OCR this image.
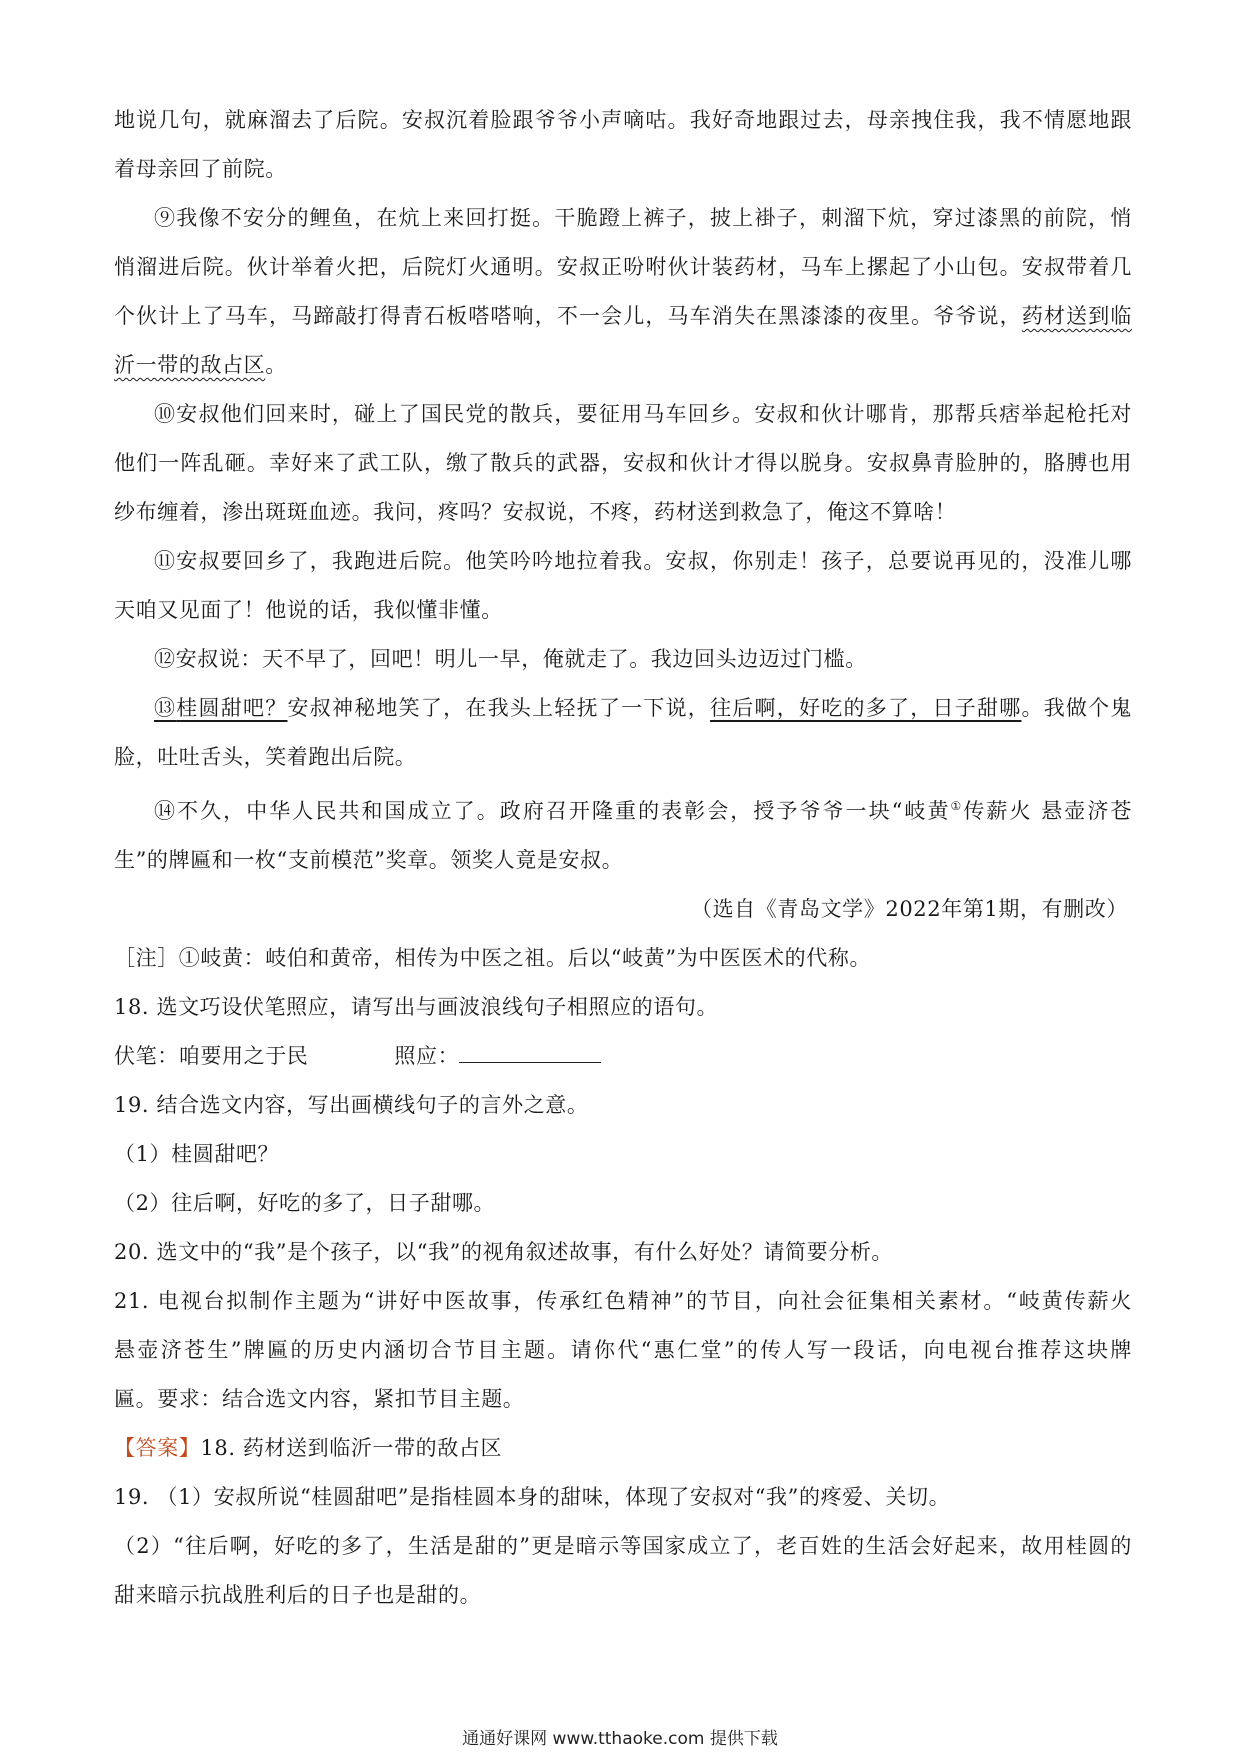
地说几句，就麻溜去了后院。安叔沉着脸跟爷爷小声嘀咕。我好奇地跟过去，母亲拽住我，我不情愿地跟
着母亲回了前院。
⑨我像不安分的鲤鱼，在炕上来回打挺。干脆蹬上裤子，披上褂子，刺溜下炕，穿过漆黑的前院，悄
悄溜进后院。伙计举着火把，后院灯火通明。安叔正吩咐伙计装药材，马车上摞起了小山包。安叔带着几
个伙计上了马车，马蹄敲打得青石板嗒嗒响，不一会儿，马车消失在黑漆漆的夜里。爷爷说，药材送到临
沂一带的敌占区。
⑩安叔他们回来时，碰上了国民党的散兵，要征用马车回乡。安叔和伙计哪肯，那帮兵痞举起枪托对
他们一阵乱砸。幸好来了武工队，缴了散兵的武器，安叔和伙计才得以脱身。安叔鼻青脸肿的，胳膊也用
纱布缠着，渗出斑斑血迹。我问，疼吗？安叔说，不疼，药材送到救急了，俺这不算啥！
⑪安叔要回乡了，我跑进后院。他笑吟吟地拉着我。安叔，你别走！孩子，总要说再见的，没准儿哪
天咱又见面了！他说的话，我似懂非懂。
⑫安叔说：天不早了，回吧！明儿一早，俺就走了。我边回头边迈过门槛。
⑬桂圆甜吧？安叔神秘地笑了，在我头上轻抚了一下说，往后啊，好吃的多了，日子甜哪。我做个鬼
脸，吐吐舌头，笑着跑出后院。
⑭不久，中华人民共和国成立了。政府召开隆重的表彰会，授予爷爷一块“岐黄①传薪火 悬壶济苍
生”的牌匾和一枚“支前模范”奖章。领奖人竟是安叔。
（选自《青岛文学》2022年第1期，有删改）
［注］①岐黄：岐伯和黄帝，相传为中医之祖。后以“岐黄”为中医医术的代称。
18. 选文巧设伏笔照应，请写出与画波浪线句子相照应的语句。
伏笔：咱要用之于民	照应：
19. 结合选文内容，写出画横线句子的言外之意。
（1）桂圆甜吧？
（2）往后啊，好吃的多了，日子甜哪。
20. 选文中的“我”是个孩子，以“我”的视角叙述故事，有什么好处？请简要分析。
21. 电视台拟制作主题为“讲好中医故事，传承红色精神”的节目，向社会征集相关素材。“岐黄传薪火
悬壶济苍生”牌匾的历史内涵切合节目主题。请你代“惠仁堂”的传人写一段话，向电视台推荐这块牌
匾。要求：结合选文内容，紧扣节目主题。
【答案】18. 药材送到临沂一带的敌占区
19. （1）安叔所说“桂圆甜吧”是指桂圆本身的甜味，体现了安叔对“我”的疼爱、关切。
（2）“往后啊，好吃的多了，生活是甜的”更是暗示等国家成立了，老百姓的生活会好起来，故用桂圆的
甜来暗示抗战胜利后的日子也是甜的。
通通好课网 www.tthaoke.com 提供下载
